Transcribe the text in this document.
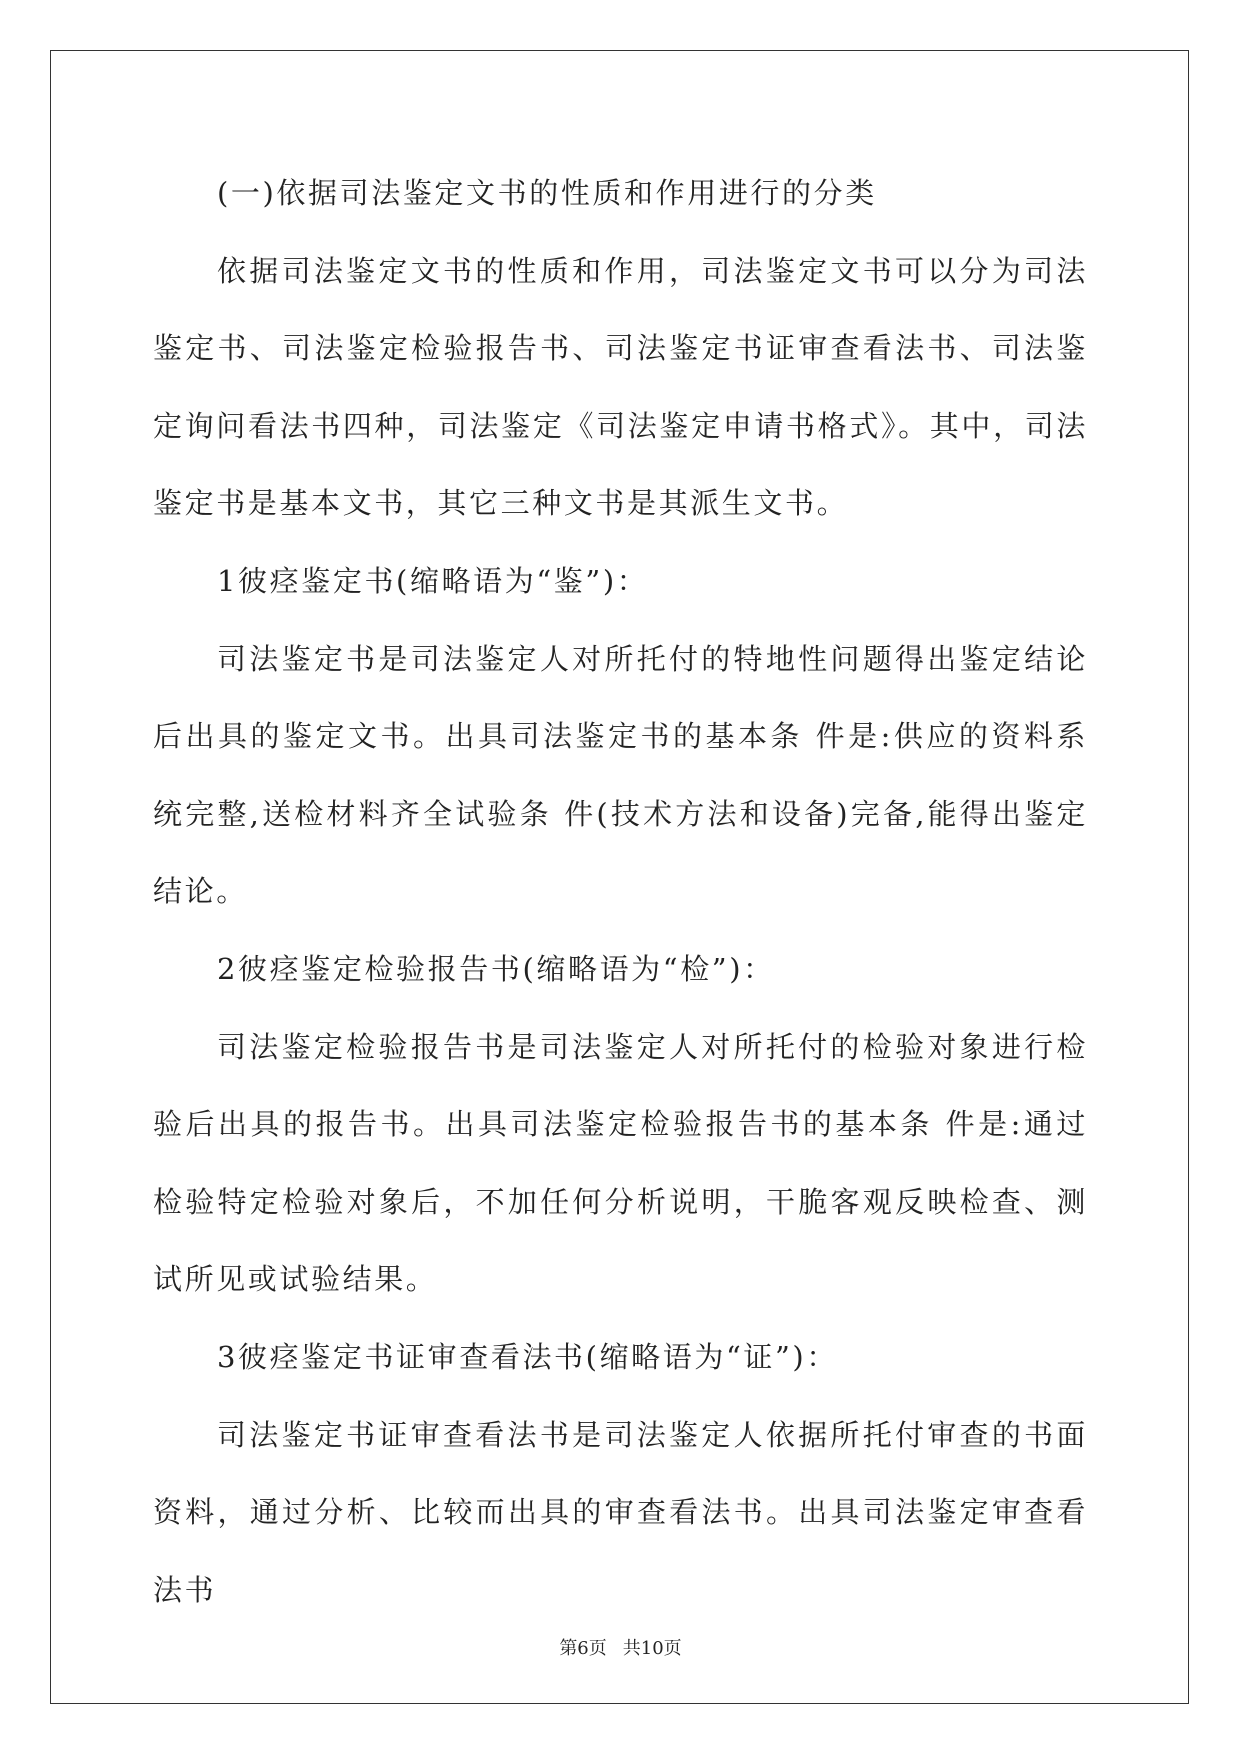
(一)依据司法鉴定文书的性质和作用进行的分类

依据司法鉴定文书的性质和作用，司法鉴定文书可以分为司法鉴定书、司法鉴定检验报告书、司法鉴定书证审查看法书、司法鉴定询问看法书四种，司法鉴定《司法鉴定申请书格式》。其中，司法鉴定书是基本文书，其它三种文书是其派生文书。

1彼痉鉴定书(缩略语为“鉴”)：

司法鉴定书是司法鉴定人对所托付的特地性问题得出鉴定结论后出具的鉴定文书。出具司法鉴定书的基本条 件是:供应的资料系统完整,送检材料齐全试验条 件(技术方法和设备)完备,能得出鉴定结论。

2彼痉鉴定检验报告书(缩略语为“检”)：

司法鉴定检验报告书是司法鉴定人对所托付的检验对象进行检验后出具的报告书。出具司法鉴定检验报告书的基本条 件是:通过检验特定检验对象后，不加任何分析说明，干脆客观反映检查、测试所见或试验结果。

3彼痉鉴定书证审查看法书(缩略语为“证”)：

司法鉴定书证审查看法书是司法鉴定人依据所托付审查的书面资料，通过分析、比较而出具的审查看法书。出具司法鉴定审查看法书

第6页 共10页
